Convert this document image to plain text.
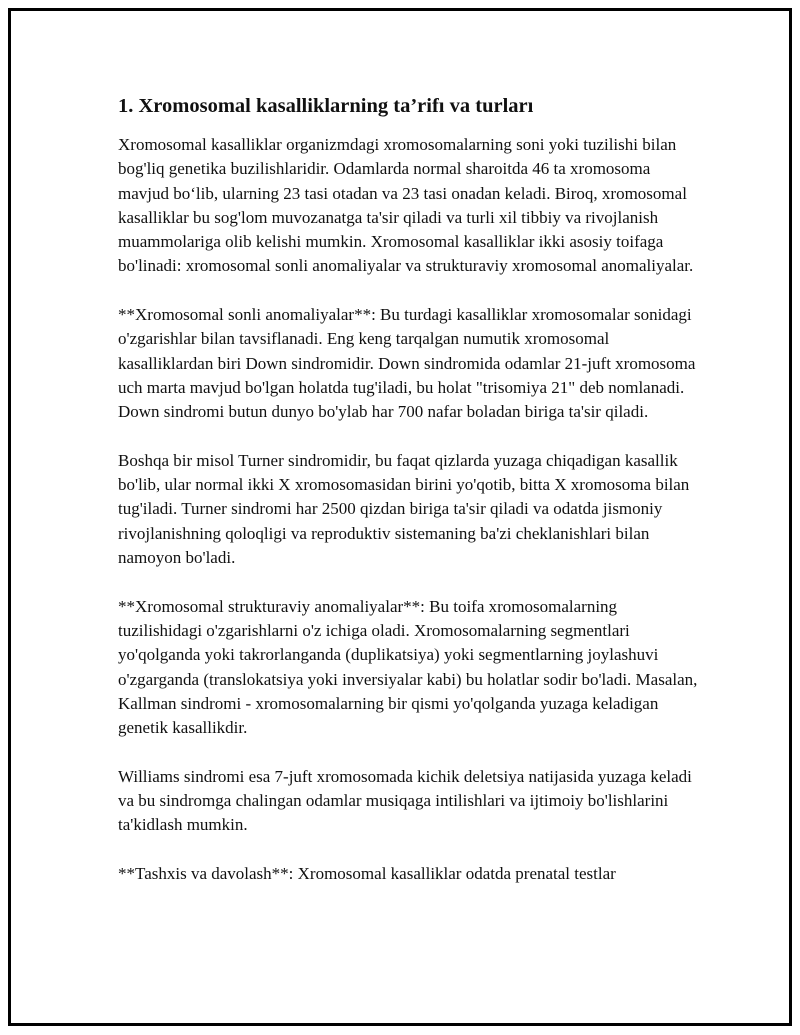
1. Xromosomal kasalliklarning ta’rifı va turları

Xromosomal kasalliklar organizmdagi xromosomalarning soni yoki tuzilishi bilan bog'liq genetika buzilishlaridir. Odamlarda normal sharoitda 46 ta xromosoma mavjud bo‘lib, ularning 23 tasi otadan va 23 tasi onadan keladi. Biroq, xromosomal kasalliklar bu sog'lom muvozanatga ta'sir qiladi va turli xil tibbiy va rivojlanish muammolariga olib kelishi mumkin. Xromosomal kasalliklar ikki asosiy toifaga bo'linadi: xromosomal sonli anomaliyalar va strukturaviy xromosomal anomaliyalar.

**Xromosomal sonli anomaliyalar**: Bu turdagi kasalliklar xromosomalar sonidagi o'zgarishlar bilan tavsiflanadi. Eng keng tarqalgan numutik xromosomal kasalliklardan biri Down sindromidir. Down sindromida odamlar 21-juft xromosoma uch marta mavjud bo'lgan holatda tug'iladi, bu holat "trisomiya 21" deb nomlanadi. Down sindromi butun dunyo bo'ylab har 700 nafar boladan biriga ta'sir qiladi.

Boshqa bir misol Turner sindromidir, bu faqat qizlarda yuzaga chiqadigan kasallik bo'lib, ular normal ikki X xromosomasidan birini yo'qotib, bitta X xromosoma bilan tug'iladi. Turner sindromi har 2500 qizdan biriga ta'sir qiladi va odatda jismoniy rivojlanishning qoloqligi va reproduktiv sistemaning ba'zi cheklanishlari bilan namoyon bo'ladi.

**Xromosomal strukturaviy anomaliyalar**: Bu toifa xromosomalarning tuzilishidagi o'zgarishlarni o'z ichiga oladi. Xromosomalarning segmentlari yo'qolganda yoki takrorlanganda (duplikatsiya) yoki segmentlarning joylashuvi o'zgarganda (translokatsiya yoki inversiyalar kabi) bu holatlar sodir bo'ladi. Masalan, Kallman sindromi - xromosomalarning bir qismi yo'qolganda yuzaga keladigan genetik kasallikdir.

Williams sindromi esa 7-juft xromosomada kichik deletsiya natijasida yuzaga keladi va bu sindromga chalingan odamlar musiqaga intilishlari va ijtimoiy bo'lishlarini ta'kidlash mumkin.

**Tashxis va davolash**: Xromosomal kasalliklar odatda prenatal testlar
